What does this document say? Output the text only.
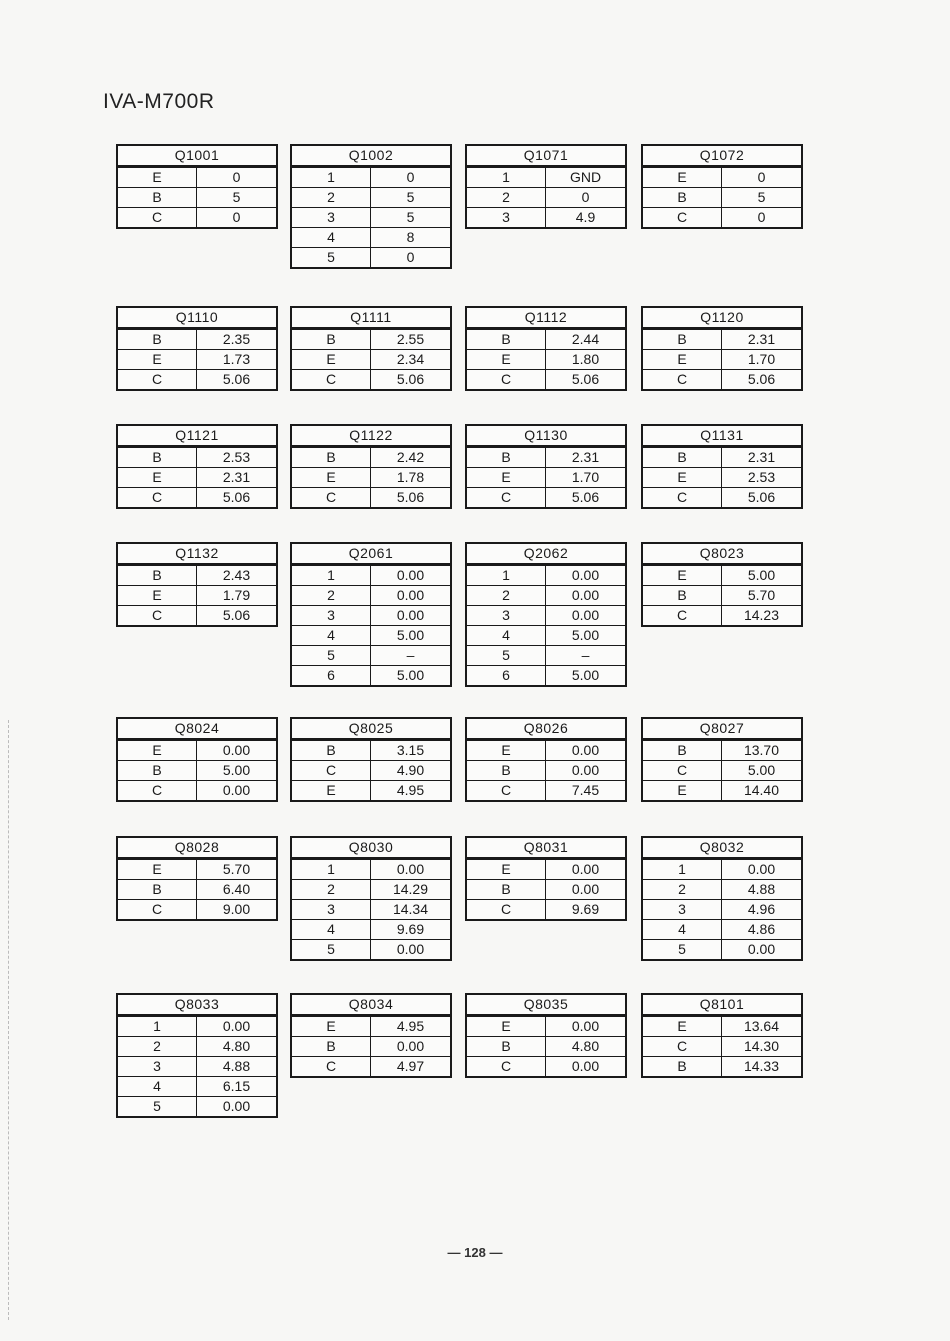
IVA-M700R
Q1001
E	0
B	5
C	0
Q1002
1	0
2	5
3	5
4	8
5	0
Q1071
1	GND
2	0
3	4.9
Q1072
E	0
B	5
C	0
Q1110
B	2.35
E	1.73
C	5.06
Q1111
B	2.55
E	2.34
C	5.06
Q1112
B	2.44
E	1.80
C	5.06
Q1120
B	2.31
E	1.70
C	5.06
Q1121
B	2.53
E	2.31
C	5.06
Q1122
B	2.42
E	1.78
C	5.06
Q1130
B	2.31
E	1.70
C	5.06
Q1131
B	2.31
E	2.53
C	5.06
Q1132
B	2.43
E	1.79
C	5.06
Q2061
1	0.00
2	0.00
3	0.00
4	5.00
5	–
6	5.00
Q2062
1	0.00
2	0.00
3	0.00
4	5.00
5	–
6	5.00
Q8023
E	5.00
B	5.70
C	14.23
Q8024
E	0.00
B	5.00
C	0.00
Q8025
B	3.15
C	4.90
E	4.95
Q8026
E	0.00
B	0.00
C	7.45
Q8027
B	13.70
C	5.00
E	14.40
Q8028
E	5.70
B	6.40
C	9.00
Q8030
1	0.00
2	14.29
3	14.34
4	9.69
5	0.00
Q8031
E	0.00
B	0.00
C	9.69
Q8032
1	0.00
2	4.88
3	4.96
4	4.86
5	0.00
Q8033
1	0.00
2	4.80
3	4.88
4	6.15
5	0.00
Q8034
E	4.95
B	0.00
C	4.97
Q8035
E	0.00
B	4.80
C	0.00
Q8101
E	13.64
C	14.30
B	14.33
— 128 —
